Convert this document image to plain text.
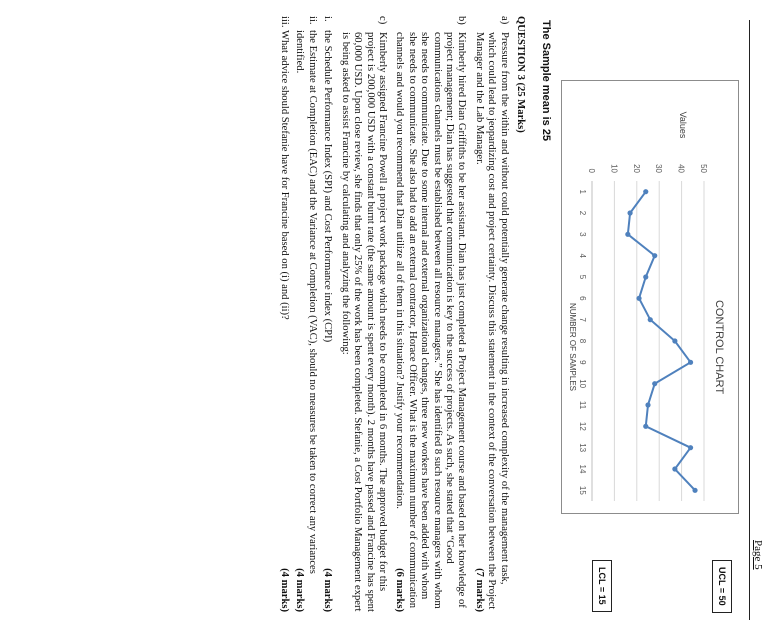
Page 5
CONTROL CHART
Values
NUMBER OF SAMPLES
0 10 20 30 40 50
1
2
3
4
5
6
7
8
9
10
11
12
13
14
15
UCL = 50
LCL = 15
The Sample mean is 25
QUESTION 3 (25 Marks)
a)
Pressure from the within and without could potentially generate change resulting in increased complexity of the management task, which could lead to jeopardizing cost and project certainty. Discuss this statement in the context of the conversation between the Project Manager and the Lab Manager.
(7 marks)
b)
Kimberly hired Dian Griffiths to be her assistant. Dian has just completed a Project Management course and based on her knowledge of project management; Dian has suggested that communication is key to the success of projects. As such, she stated that “Good communications channels must be established between all resource managers.” She has identified 8 such resource managers with whom she needs to communicate. Due to some internal and external organizational changes, three new workers have been added with whom she needs to communicate. She also had to add an external contractor, Horace Officer. What is the maximum number of communication channels and would you recommend that Dian utilize all of them in this situation? Justify your recommendation.
(6 marks)
c)
Kimberly assigned Francine Powell a project work package which needs to be completed in 6 months. The approved budget for this project is 200,000 USD with a constant burnt rate (the same amount is spent every month). 2 months have passed and Francine has spent 60,000 USD. Upon close review, she finds that only 25% of the work has been completed. Stefanie, a Cost Portfolio Management expert is being asked to assist Francine by calculating and analyzing the following:
i.
the Schedule Performance Index (SPI) and Cost Performance index (CPI)
(4 marks)
ii.
the Estimate at Completion (EAC) and the Variance at Completion (VAC), should no measures be taken to correct any variances identified.
(4 marks)
iii.
What advice should Stefanie have for Francine based on (i) and (ii)?
(4 marks)
